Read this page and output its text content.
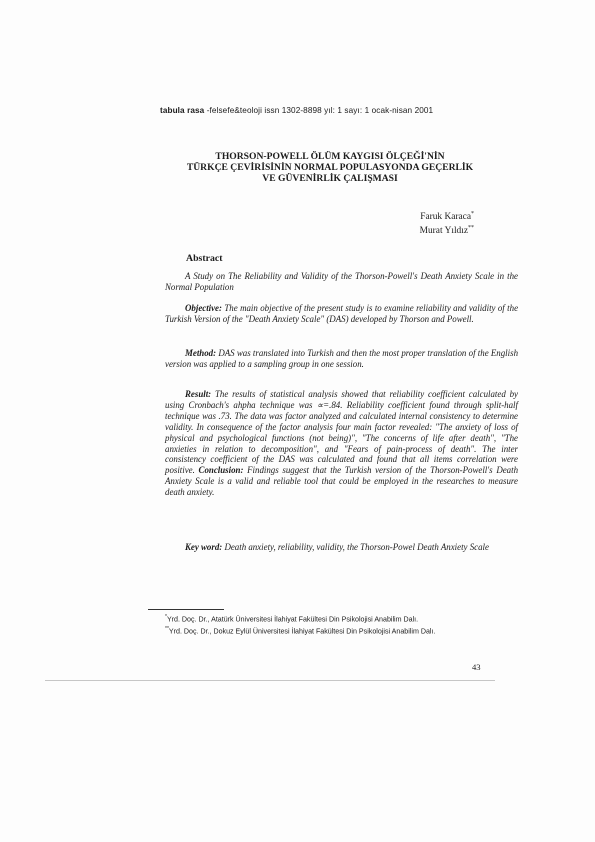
tabula rasa -felsefe&teoloji issn 1302-8898 yıl: 1 sayı: 1 ocak-nisan 2001
THORSON-POWELL ÖLÜM KAYGISI ÖLÇEĞİ'NİN
TÜRKÇE ÇEVİRİSİNİN NORMAL POPULASYONDA GEÇERLİK
VE GÜVENİRLİK ÇALIŞMASI
Faruk Karaca*
Murat Yıldız**
Abstract

A Study on The Reliability and Validity of the Thorson-Powell's Death Anxiety Scale in the Normal Population

Objective: The main objective of the present study is to examine reliability and validity of the Turkish Version of the "Death Anxiety Scale" (DAS) developed by Thorson and Powell.

Method: DAS was translated into Turkish and then the most proper translation of the English version was applied to a sampling group in one session.

Result: The results of statistical analysis showed that reliability coefficient calculated by using Cronbach's ahpha technique was ∝=.84. Reliability coefficient found through split-half technique was .73. The data was factor analyzed and calculated internal consistency to determine validity. In consequence of the factor analysis four main factor revealed: "The anxiety of loss of physical and psychological functions (not being)", "The concerns of life after death", "The anxieties in relation to decomposition", and "Fears of pain-process of death". The inter consistency coefficient of the DAS was calculated and found that all items correlation were positive. Conclusion: Findings suggest that the Turkish version of the Thorson-Powell's Death Anxiety Scale is a valid and reliable tool that could be employed in the researches to measure death anxiety.

Key word: Death anxiety, reliability, validity, the Thorson-Powel Death Anxiety Scale

*Yrd. Doç. Dr., Atatürk Üniversitesi İlahiyat Fakültesi Din Psikolojisi Anabilim Dalı.
**Yrd. Doç. Dr., Dokuz Eylül Üniversitesi İlahiyat Fakültesi Din Psikolojisi Anabilim Dalı.
43
